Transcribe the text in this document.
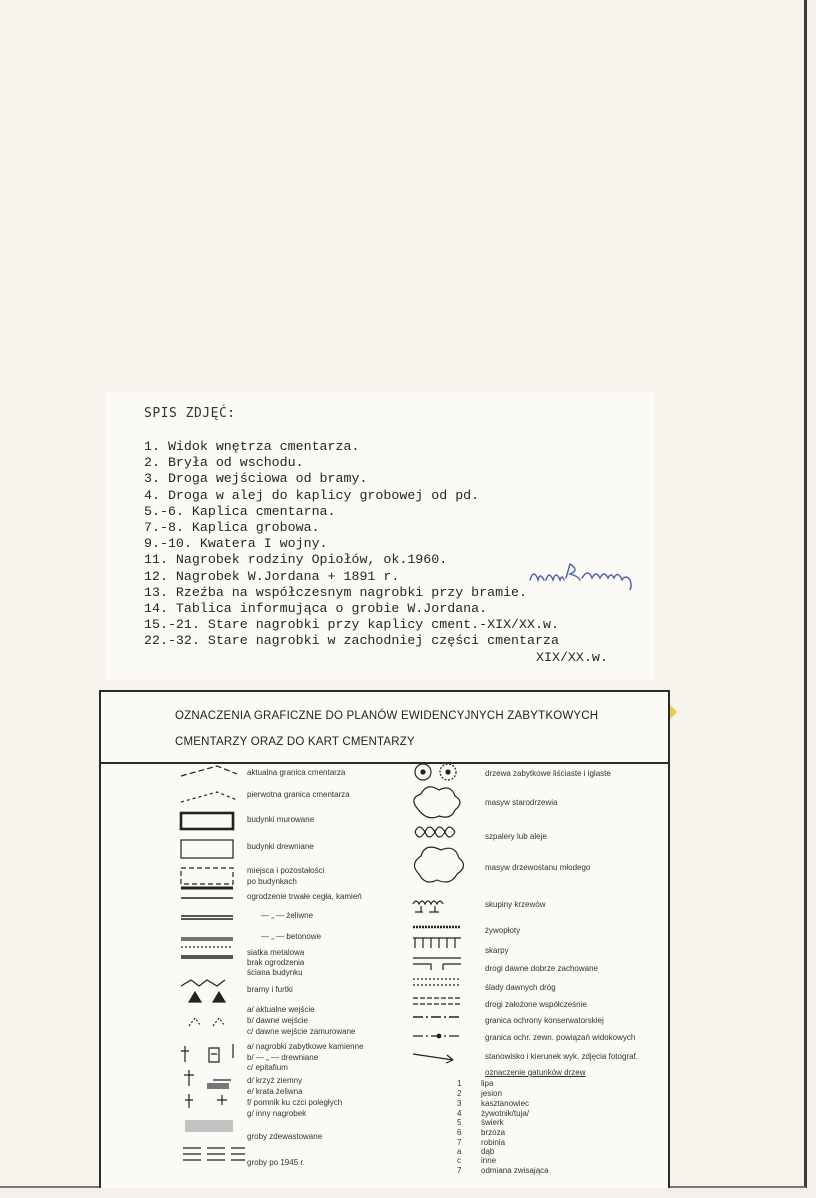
SPIS ZDJĘĆ:
1. Widok wnętrza cmentarza.
2. Bryła od wschodu.
3. Droga wejściowa od bramy.
4. Droga w alej do kaplicy grobowej od pd.
5.-6. Kaplica cmentarna.
7.-8. Kaplica grobowa.
9.-10. Kwatera I wojny.
11. Nagrobek rodziny Opiołów, ok.1960.
12. Nagrobek W.Jordana + 1891 r.
13. Rzeźba na współczesnym nagrobki przy bramie.
14. Tablica informująca o grobie W.Jordana.
15.-21. Stare nagrobki przy kaplicy cment.-XIX/XX.w.
22.-32. Stare nagrobki w zachodniej części cmentarza
XIX/XX.w.
OZNACZENIA GRAFICZNE DO PLANÓW EWIDENCYJNYCH ZABYTKOWYCH
CMENTARZY ORAZ DO KART CMENTARZY
aktualna granica cmentarza
pierwotna granica cmentarza
budynki murowane
budynki drewniane
miejsca i pozostałości
po budynkach
ogrodzenie trwałe cegła, kamień
— „ — żeliwne
— „ — betonowe
siatka metalowa
brak ogrodzenia
ściana budynku
bramy i furtki
a/ aktualne wejście
b/ dawne wejście
c/ dawne wejście zamurowane
a/ nagrobki zabytkowe kamienne
b/ — „ — drewniane
c/ epitafium
d/ krzyż ziemny
e/ krata żeliwna
f/ pomnik ku czci poległych
g/ inny nagrobek
groby zdewastowane
groby po 1945 r.
drzewa zabytkowe liściaste i iglaste
masyw starodrzewia
szpalery lub aleje
masyw drzewostanu młodego
skupiny krzewów
żywopłoty
skarpy
drogi dawne dobrze zachowane
ślady dawnych dróg
drogi założone współcześnie
granica ochrony konserwatorskiej
granica ochr. zewn. powiązań widokowych
stanowisko i kierunek wyk. zdjęcia fotograf.
oznaczenie gatunków drzew
1 lipa
2 jesion
3 kasztanowiec
4 żywotnik/tuja/
5 świerk
6 brzoza
7 robinia
a dąb
c	inne
7 odmiana zwisająca
